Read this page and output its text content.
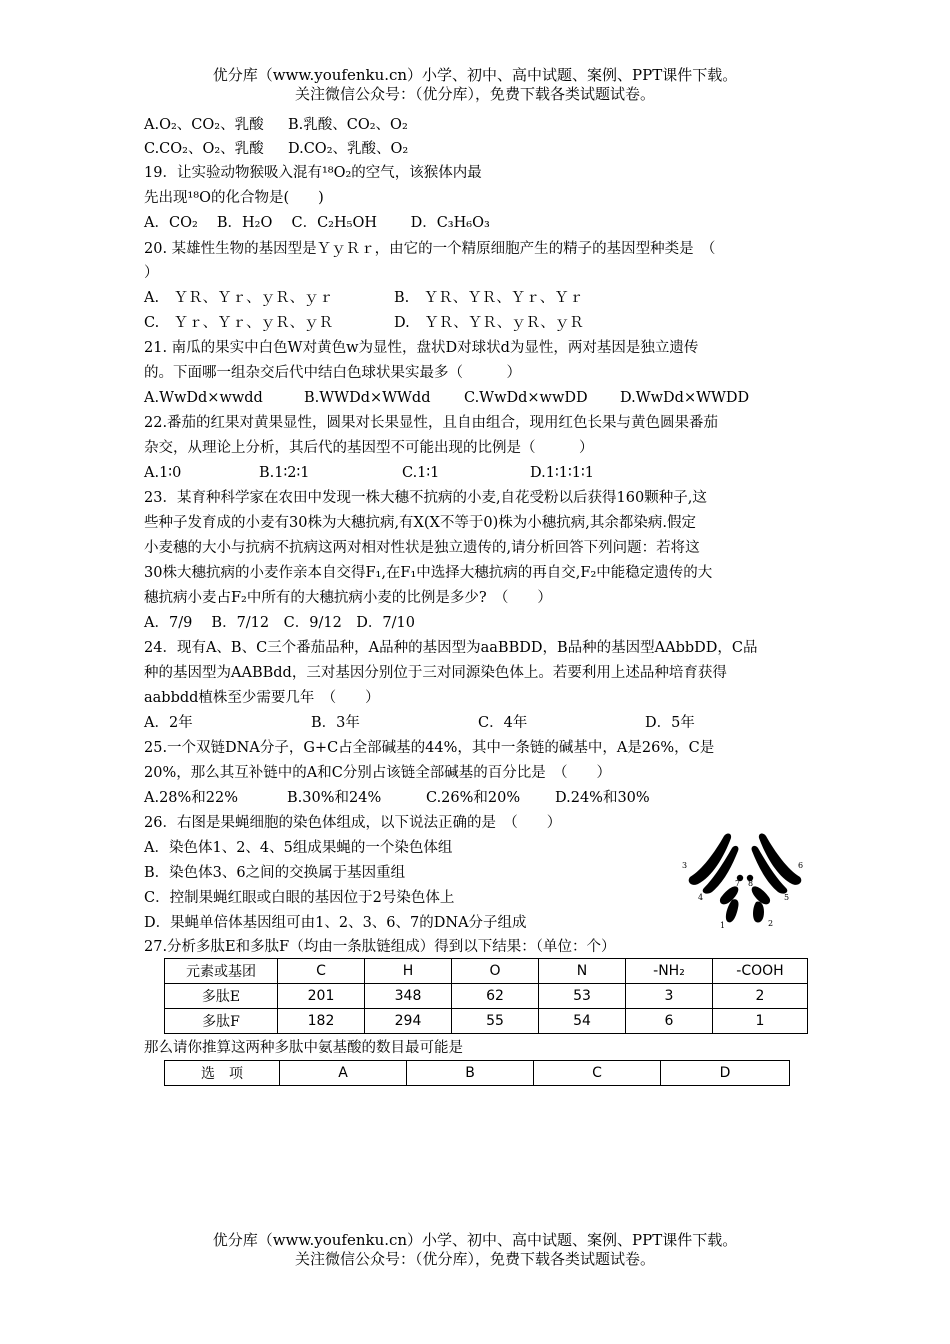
优分库（www.youfenku.cn）小学、初中、高中试题、案例、PPT课件下载。
关注微信公众号：（优分库），免费下载各类试题试卷。
A.O₂、CO₂、乳酸 B.乳酸、CO₂、O₂
C.CO₂、O₂、乳酸 D.CO₂、乳酸、O₂
19．让实验动物猴吸入混有¹⁸O₂的空气，该猴体内最
先出现¹⁸O的化合物是(　　)
A．CO₂　 B．H₂O　 C．C₂H₅OH　　 D．C₃H₆O₃
20. 某雄性生物的基因型是ＹｙＲｒ，由它的一个精原细胞产生的精子的基因型种类是　（
）
A.　ＹＲ、Ｙｒ、ｙＲ、ｙｒ	B.　ＹＲ、ＹＲ、Ｙｒ、Ｙｒ
C.　Ｙｒ、Ｙｒ、ｙＲ、ｙＲ	D.　ＹＲ、ＹＲ、ｙＲ、ｙＲ
21. 南瓜的果实中白色W对黄色w为显性，盘状D对球状d为显性，两对基因是独立遗传
的。下面哪一组杂交后代中结白色球状果实最多（　　　）
A.WwDd×wwdd	B.WWDd×WWdd C.WwDd×wwDD D.WwDd×WWDD
22.番茄的红果对黄果显性，圆果对长果显性，且自由组合，现用红色长果与黄色圆果番茄
杂交，从理论上分析，其后代的基因型不可能出现的比例是（　　　）
A.1∶0	B.1∶2∶1	C.1∶1	D.1∶1∶1∶1
23．某育种科学家在农田中发现一株大穗不抗病的小麦,自花受粉以后获得160颗种子,这
些种子发育成的小麦有30株为大穗抗病,有X(X不等于0)株为小穗抗病,其余都染病.假定
小麦穗的大小与抗病不抗病这两对相对性状是独立遗传的,请分析回答下列问题：若将这
30株大穗抗病的小麦作亲本自交得F₁,在F₁中选择大穗抗病的再自交,F₂中能稳定遗传的大
穗抗病小麦占F₂中所有的大穗抗病小麦的比例是多少?　（　　）
A．7/9　 B．7/12　C．9/12　D．7/10
24．现有A、B、C三个番茄品种，A品种的基因型为aaBBDD，B品种的基因型AAbbDD，C品
种的基因型为AABBdd，三对基因分别位于三对同源染色体上。若要利用上述品种培育获得
aabbdd植株至少需要几年　（　　）
A．2年	B．3年	C．4年	D．5年
25.一个双链DNA分子，G+C占全部碱基的44%，其中一条链的碱基中，A是26%，C是
20%，那么其互补链中的A和C分别占该链全部碱基的百分比是　（　　）
A.28%和22%	B.30%和24%	C.26%和20% D.24%和30%
26．右图是果蝇细胞的染色体组成，以下说法正确的是　（　　）
A．染色体1、2、4、5组成果蝇的一个染色体组
B．染色体3、6之间的交换属于基因重组
C．控制果蝇红眼或白眼的基因位于2号染色体上
D．果蝇单倍体基因组可由1、2、3、6、7的DNA分子组成	1	2
3
4	5
6
7 8
27.分析多肽E和多肽F（均由一条肽链组成）得到以下结果：（单位：个）
元素或基团	C	H	O	N	-NH₂	-COOH
多肽E	201	348	62	53	3	2
多肽F	182	294	55	54	6	1
那么请你推算这两种多肽中氨基酸的数目最可能是
选　项	A	B	C	D
优分库（www.youfenku.cn）小学、初中、高中试题、案例、PPT课件下载。
关注微信公众号：（优分库），免费下载各类试题试卷。
